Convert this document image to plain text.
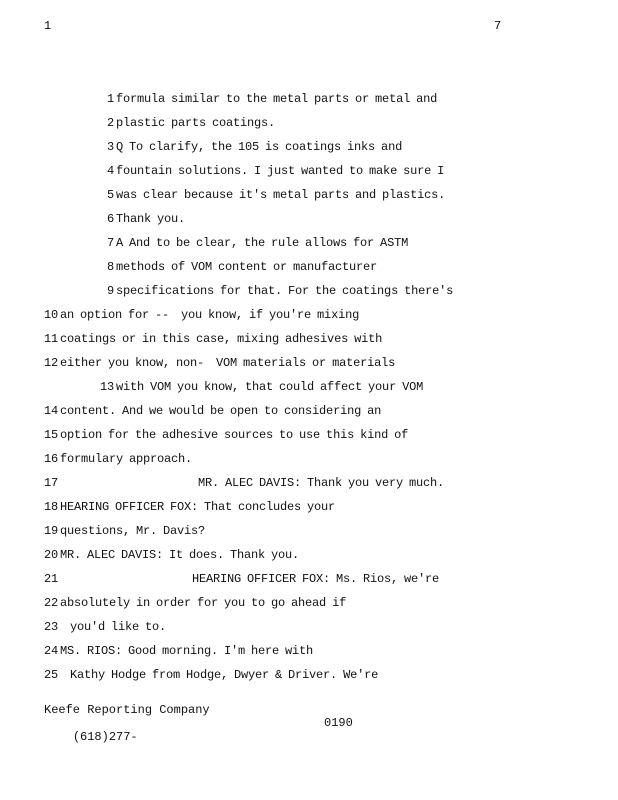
1	7
1 formula similar to the metal parts or metal and
2 plastic parts coatings.
3 Q To clarify, the 105 is coatings inks and
4 fountain solutions. I just wanted to make sure I
5 was clear because it's metal parts and plastics.
6 Thank you.
7 A And to be clear, the rule allows for ASTM
8 methods of VOM content or manufacturer
9 specifications for that. For the coatings there's
10 an option for --  you know, if you're mixing
11 coatings or in this case, mixing adhesives with
12 either you know, non-  VOM materials or materials
13 with VOM you know, that could affect your VOM
14 content. And we would be open to considering an
15 option for the adhesive sources to use this kind of
16 formulary approach.
17	MR. ALEC DAVIS: Thank you very much.
18 HEARING OFFICER FOX: That concludes your
19 questions, Mr. Davis?
20 MR. ALEC DAVIS: It does. Thank you.
21	HEARING OFFICER FOX: Ms. Rios, we're
22 absolutely in order for you to go ahead if
23 you'd like to.
24 MS. RIOS: Good morning. I'm here with
25 Kathy Hodge from Hodge, Dwyer & Driver. We're
Keefe Reporting Company

(618)277-

0190
